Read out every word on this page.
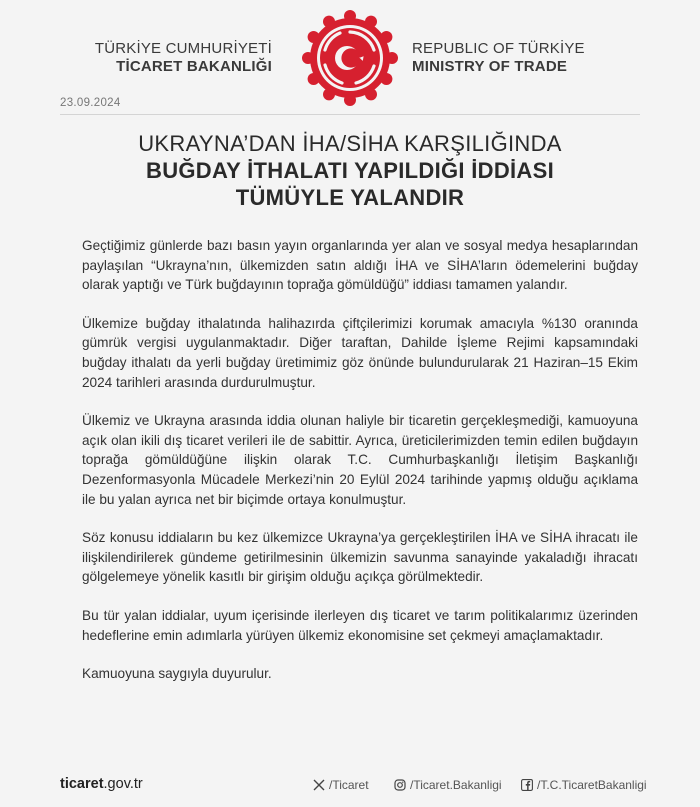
TÜRKİYE CUMHURİYETİ
TİCARET BAKANLIĞI
REPUBLIC OF TÜRKİYE
MINISTRY OF TRADE
23.09.2024
UKRAYNA’DAN İHA/SİHA KARŞILIĞINDA
BUĞDAY İTHALATI YAPILDIĞI İDDİASI
TÜMÜYLE YALANDIR

Geçtiğimiz günlerde bazı basın yayın organlarında yer alan ve sosyal medya hesaplarından paylaşılan “Ukrayna’nın, ülkemizden satın aldığı İHA ve SİHA’ların ödemelerini buğday olarak yaptığı ve Türk buğdayının toprağa gömüldüğü” iddiası tamamen yalandır.

Ülkemize buğday ithalatında halihazırda çiftçilerimizi korumak amacıyla %130 oranında gümrük vergisi uygulanmaktadır. Diğer taraftan, Dahilde İşleme Rejimi kapsamındaki buğday ithalatı da yerli buğday üretimimiz göz önünde bulundurularak 21 Haziran–15 Ekim 2024 tarihleri arasında durdurulmuştur.

Ülkemiz ve Ukrayna arasında iddia olunan haliyle bir ticaretin gerçekleşmediği, kamuoyuna açık olan ikili dış ticaret verileri ile de sabittir. Ayrıca, üreticilerimizden temin edilen buğdayın toprağa gömüldüğüne ilişkin olarak T.C. Cumhurbaşkanlığı İletişim Başkanlığı Dezenformasyonla Mücadele Merkezi’nin 20 Eylül 2024 tarihinde yapmış olduğu açıklama ile bu yalan ayrıca net bir biçimde ortaya konulmuştur.

Söz konusu iddiaların bu kez ülkemizce Ukrayna’ya gerçekleştirilen İHA ve SİHA ihracatı ile ilişkilendirilerek gündeme getirilmesinin ülkemizin savunma sanayinde yakaladığı ihracatı gölgelemeye yönelik kasıtlı bir girişim olduğu açıkça görülmektedir.

Bu tür yalan iddialar, uyum içerisinde ilerleyen dış ticaret ve tarım politikalarımız üzerinden hedeflerine emin adımlarla yürüyen ülkemiz ekonomisine set çekmeyi amaçlamaktadır.

Kamuoyuna saygıyla duyurulur.

ticaret.gov.tr	/Ticaret	/Ticaret.Bakanligi	/T.C.TicaretBakanligi
